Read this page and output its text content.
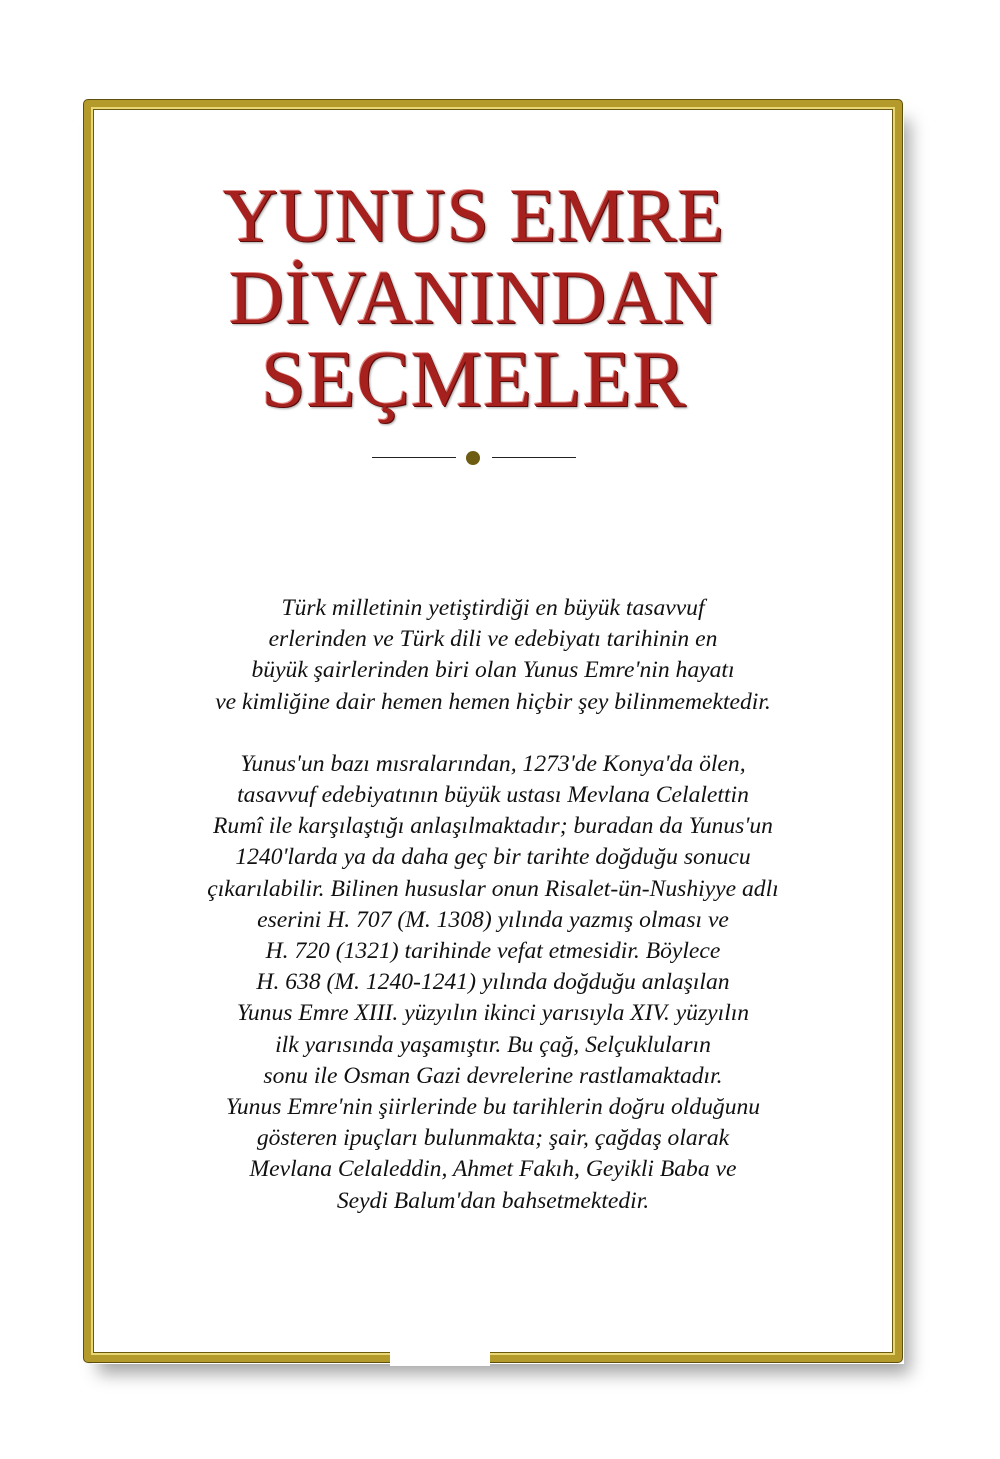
YUNUS EMRE
DİVANINDAN
SEÇMELER

Türk milletinin yetiştirdiği en büyük tasavvuf
erlerinden ve Türk dili ve edebiyatı tarihinin en
büyük şairlerinden biri olan Yunus Emre'nin hayatı
ve kimliğine dair hemen hemen hiçbir şey bilinmemektedir.

Yunus'un bazı mısralarından, 1273'de Konya'da ölen,
tasavvuf edebiyatının büyük ustası Mevlana Celalettin
Rumî ile karşılaştığı anlaşılmaktadır; buradan da Yunus'un
1240'larda ya da daha geç bir tarihte doğduğu sonucu
çıkarılabilir. Bilinen hususlar onun Risalet-ün-Nushiyye adlı
eserini H. 707 (M. 1308) yılında yazmış olması ve
H. 720 (1321) tarihinde vefat etmesidir. Böylece
H. 638 (M. 1240-1241) yılında doğduğu anlaşılan
Yunus Emre XIII. yüzyılın ikinci yarısıyla XIV. yüzyılın
ilk yarısında yaşamıştır. Bu çağ, Selçukluların
sonu ile Osman Gazi devrelerine rastlamaktadır.
Yunus Emre'nin şiirlerinde bu tarihlerin doğru olduğunu
gösteren ipuçları bulunmakta; şair, çağdaş olarak
Mevlana Celaleddin, Ahmet Fakıh, Geyikli Baba ve
Seydi Balum'dan bahsetmektedir.
